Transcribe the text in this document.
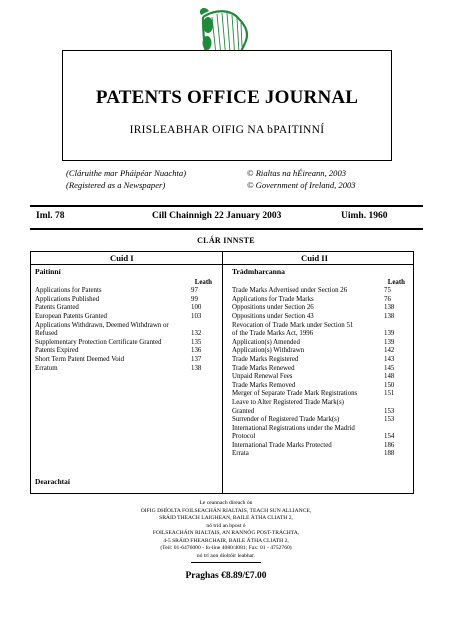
PATENTS OFFICE JOURNAL
IRISLEABHAR OIFIG NA bPAITINNÍ
(Cláruithe mar Pháipéar Nuachta)
(Registered as a Newspaper)
© Rialtas na hÉireann, 2003
© Government of Ireland, 2003
Iml. 78	Cill Chainnigh 22 January 2003	Uimh. 1960
CLÁR INNSTE
Cuid I	Cuid II
Paitinní
Leath
Applications for Patents	97
Applications Published	99
Patents Granted	100
European Patents Granted	103
Applications Withdrawn, Deemed Withdrawn or
Refused	132
Supplementary Protection Certificate Granted	135
Patents Expired	136
Short Term Patent Deemed Void	137
Erratum	138
Dearachtaí
Trádmharcanna
Leath
Trade Marks Advertised under Section 26	75
Applications for Trade Marks	76
Oppositions under Section 26	138
Oppositions under Section 43	138
Revocation of Trade Mark under Section 51
of the Trade Marks Act, 1996	139
Application(s) Amended	139
Application(s) Withdrawn	142
Trade Marks Registered	143
Trade Marks Renewed	145
Unpaid Renewal Fees	148
Trade Marks Removed	150
Merger of Separate Trade Mark Registrations	151
Leave to Alter Registered Trade Mark(s)
Granted	153
Surrender of Registered Trade Mark(s)	153
International Registrations under the Madrid
Protocol	154
International Trade Marks Protected	186
Errata	188
Le ceannach díreach ón
OIFIG DHÍOLTA FOILSEACHÁN RIALTAIS, TEACH SUN ALLIANCE,
SRÁID THEACH LAIGHEAN, BAILE ÁTHA CLIATH 2,
nó tríd an bpost ó
FOILSEACHÁIN RIALTAIS, AN RANNÓG POST-TRÁCHTA,
4-5 SRÁID FHEARCHAIR, BAILE ÁTHA CLIATH 2,
(Teil: 01-6476000 - fo-líne 4080/4081; Fax: 01 - 4752760)
nó trí aon díoltóir leabhar.
Praghas €8.89/£7.00
